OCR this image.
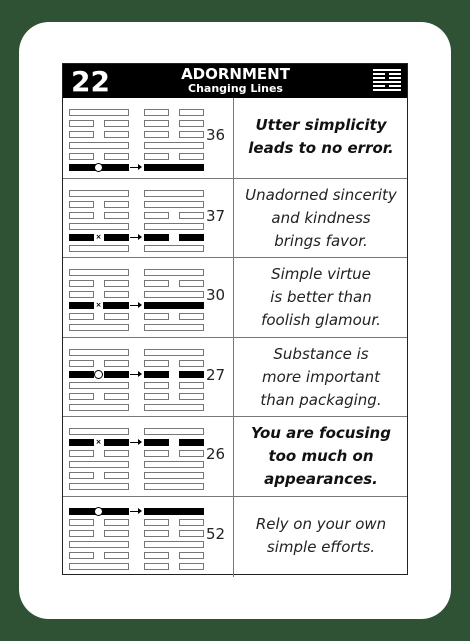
22	ADORNMENT
Changing Lines
36
Utter simplicity
leads to no error.
×
37
Unadorned sincerity
and kindness
brings favor.
×
30
Simple virtue
is better than
foolish glamour.
27
Substance is
more important
than packaging.
×
26
You are focusing
too much on
appearances.
52
Rely on your own
simple efforts.
